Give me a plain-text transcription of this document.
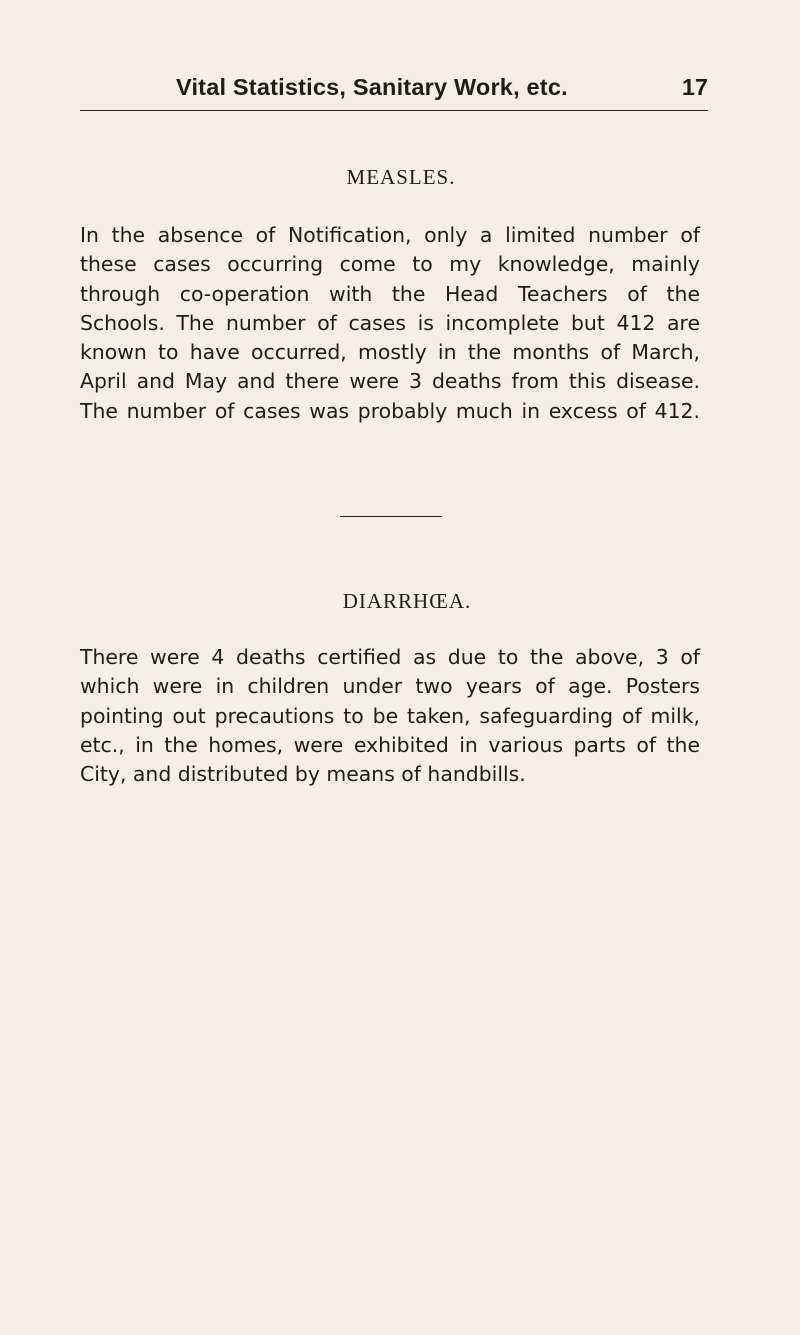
Vital Statistics, Sanitary Work, etc.	17
MEASLES.
In the absence of Notification, only a limited number of
these cases occurring come to my knowledge, mainly
through co-operation with the Head Teachers of the
Schools. The number of cases is incomplete but 412 are
known to have occurred, mostly in the months of March,
April and May and there were 3 deaths from this disease.
The number of cases was probably much in excess of 412.
DIARRHŒA.
There were 4 deaths certified as due to the above, 3 of
which were in children under two years of age. Posters
pointing out precautions to be taken, safeguarding of milk,
etc., in the homes, were exhibited in various parts of the
City, and distributed by means of handbills.
